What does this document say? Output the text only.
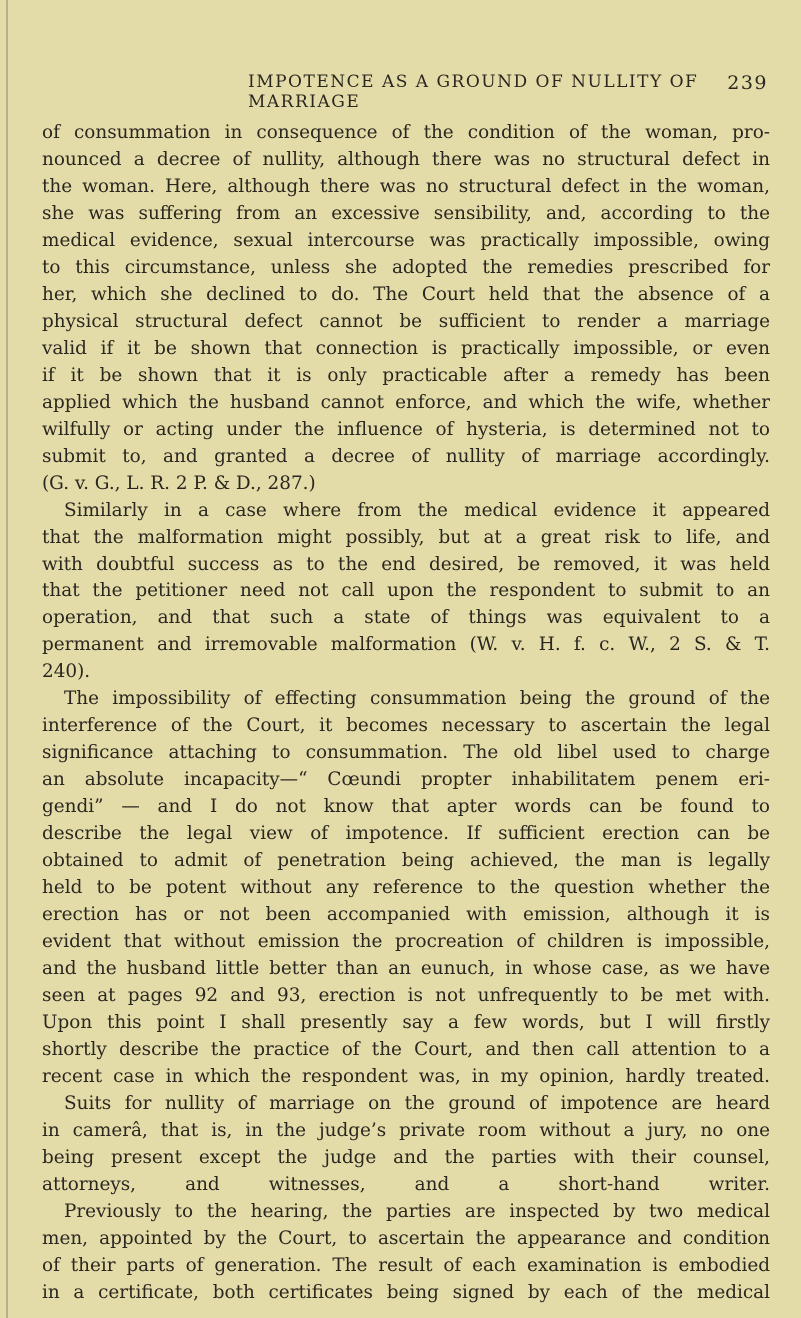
IMPOTENCE AS A GROUND OF NULLITY OF MARRIAGE
239
of consummation in consequence of the condition of the woman, pro-
nounced a decree of nullity, although there was no structural defect in
the woman. Here, although there was no structural defect in the woman,
she was suffering from an excessive sensibility, and, according to the
medical evidence, sexual intercourse was practically impossible, owing
to this circumstance, unless she adopted the remedies prescribed for
her, which she declined to do. The Court held that the absence of a
physical structural defect cannot be sufficient to render a marriage
valid if it be shown that connection is practically impossible, or even
if it be shown that it is only practicable after a remedy has been
applied which the husband cannot enforce, and which the wife, whether
wilfully or acting under the influence of hysteria, is determined not to
submit to, and granted a decree of nullity of marriage accordingly.
(G. v. G., L. R. 2 P. & D., 287.)
Similarly in a case where from the medical evidence it appeared
that the malformation might possibly, but at a great risk to life, and
with doubtful success as to the end desired, be removed, it was held
that the petitioner need not call upon the respondent to submit to an
operation, and that such a state of things was equivalent to a
permanent and irremovable malformation (W. v. H. f. c. W., 2 S. & T.
240).
The impossibility of effecting consummation being the ground of the
interference of the Court, it becomes necessary to ascertain the legal
significance attaching to consummation. The old libel used to charge
an absolute incapacity—“ Cœundi propter inhabilitatem penem eri-
gendi” — and I do not know that apter words can be found to
describe the legal view of impotence. If sufficient erection can be
obtained to admit of penetration being achieved, the man is legally
held to be potent without any reference to the question whether the
erection has or not been accompanied with emission, although it is
evident that without emission the procreation of children is impossible,
and the husband little better than an eunuch, in whose case, as we have
seen at pages 92 and 93, erection is not unfrequently to be met with.
Upon this point I shall presently say a few words, but I will firstly
shortly describe the practice of the Court, and then call attention to a
recent case in which the respondent was, in my opinion, hardly treated.
Suits for nullity of marriage on the ground of impotence are heard
in camerâ, that is, in the judge’s private room without a jury, no one
being present except the judge and the parties with their counsel,
attorneys, and witnesses, and a short-hand writer.
Previously to the hearing, the parties are inspected by two medical
men, appointed by the Court, to ascertain the appearance and condition
of their parts of generation. The result of each examination is embodied
in a certificate, both certificates being signed by each of the medical
